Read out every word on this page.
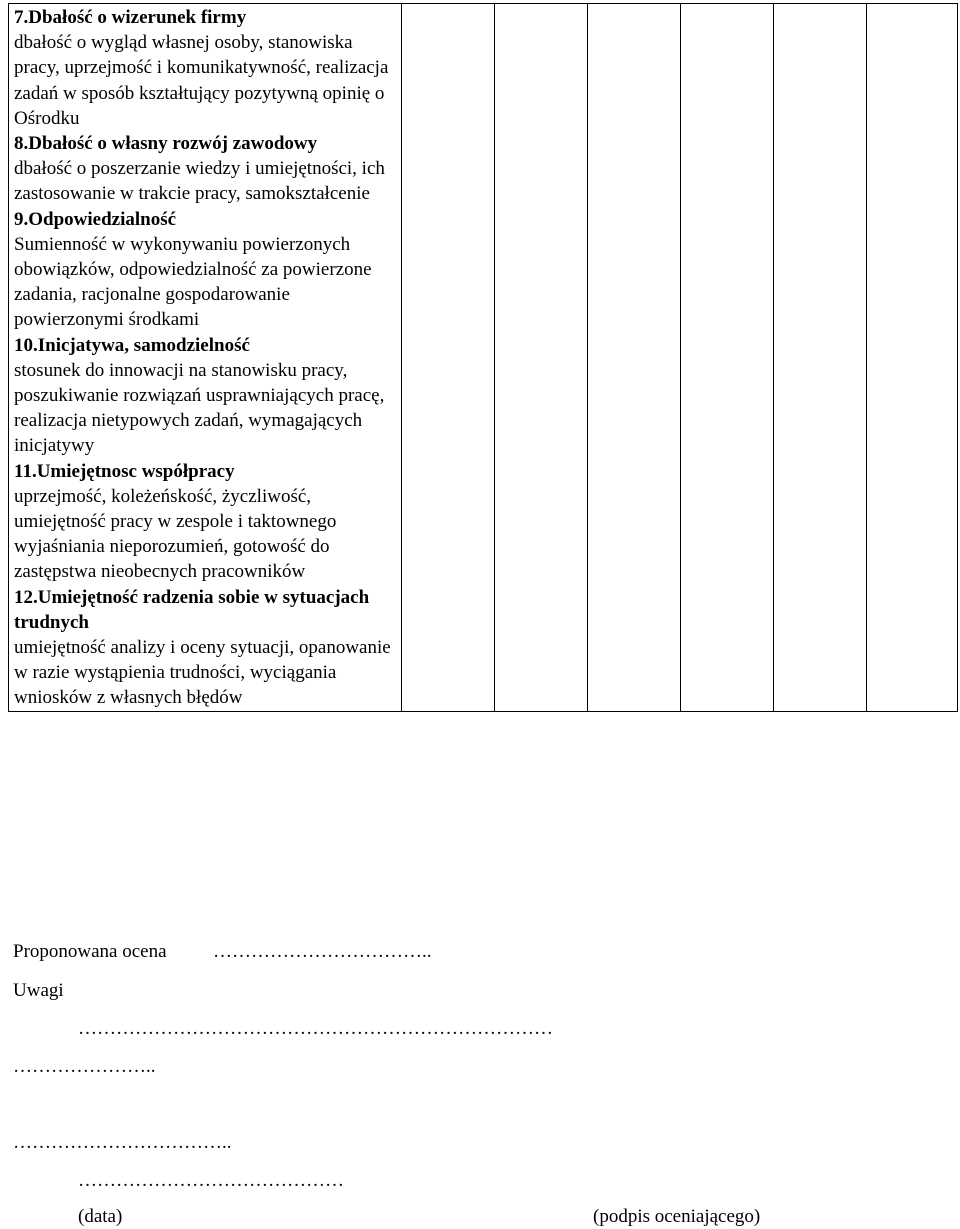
7.Dbałość o wizerunek firmy
dbałość o wygląd własnej osoby, stanowiska pracy, uprzejmość i komunikatywność, realizacja zadań w sposób kształtujący pozytywną opinię o Ośrodku

8.Dbałość o własny rozwój zawodowy
dbałość o poszerzanie wiedzy i umiejętności, ich zastosowanie w trakcie pracy, samokształcenie

9.Odpowiedzialność
Sumienność w wykonywaniu powierzonych obowiązków, odpowiedzialność za powierzone zadania, racjonalne gospodarowanie powierzonymi środkami

10.Inicjatywa, samodzielność
stosunek do innowacji na stanowisku pracy, poszukiwanie rozwiązań usprawniających pracę, realizacja nietypowych zadań, wymagających inicjatywy

11.Umiejętnosc współpracy
uprzejmość, koleżeńskość, życzliwość, umiejętność pracy w zespole i taktownego wyjaśniania nieporozumień, gotowość do zastępstwa nieobecnych pracowników

12.Umiejętność radzenia sobie w sytuacjach trudnych
umiejętność analizy i oceny sytuacji, opanowanie w razie wystąpienia trudności, wyciągania wniosków z własnych błędów

Proponowana ocena ……………………………..
Uwagi
…………………………………………………………………
…………………..
……………………………..
……………………………………
(data)	(podpis oceniającego)
